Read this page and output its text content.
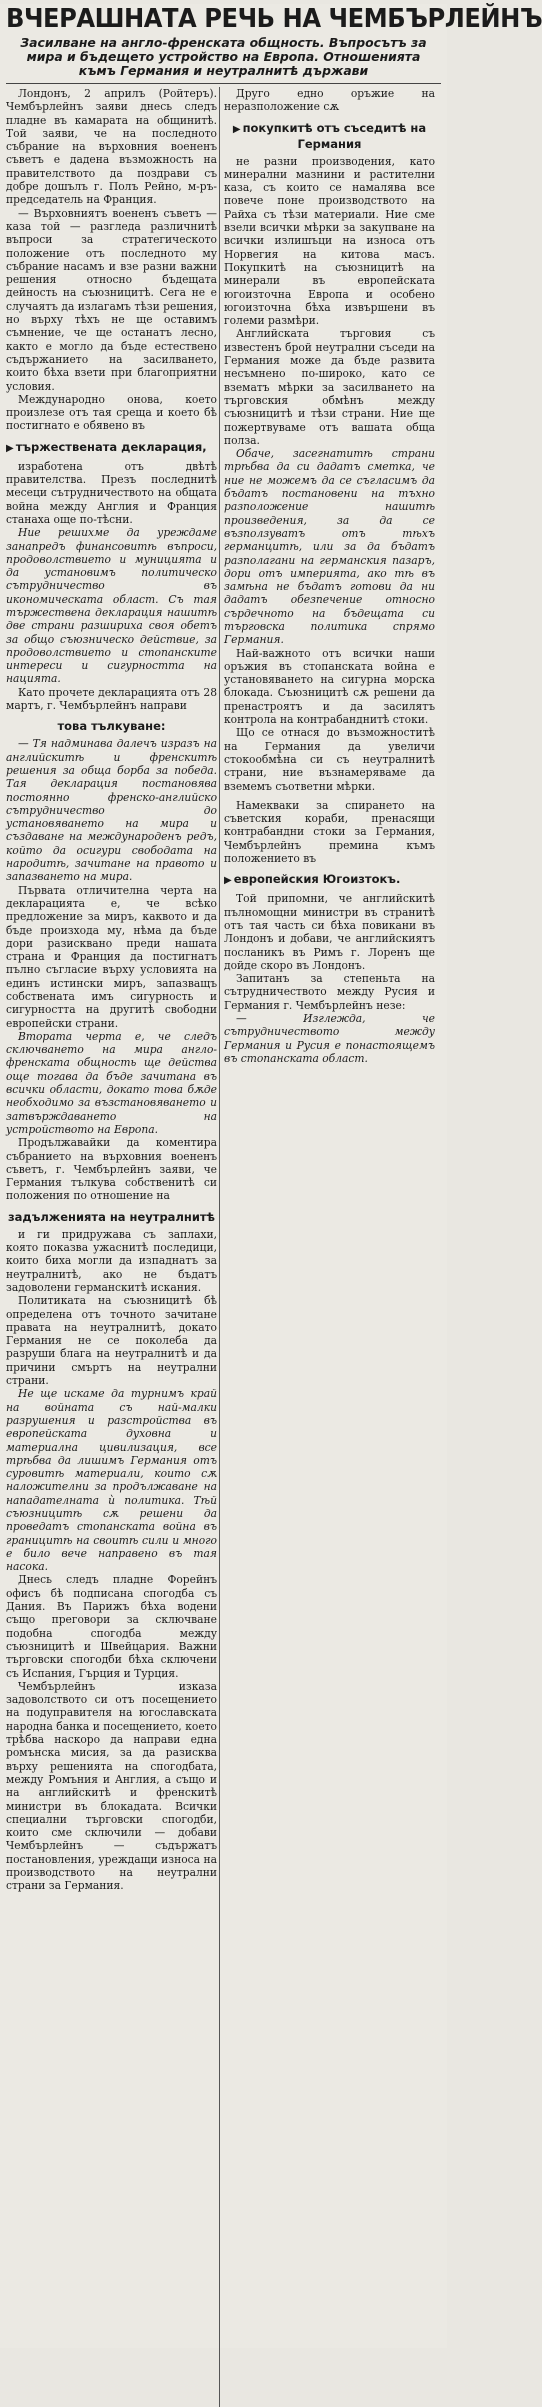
ВЧЕРАШНАТА РЕЧЬ НА ЧЕМБЪРЛЕЙНЪ
Засилване на англо-френската общность. Въпросътъ за мира и бъдещето устройство на Европа. Отношенията къмъ Германия и неутралнитѣ държави

Лондонъ, 2 априлъ (Ройтеръ). Чембърлейнъ заяви днесь следъ пладне въ камарата на общинитѣ. Той заяви, че на последното събрание на върховния воененъ съветъ е дадена възможность на правителството да поздрави съ добре дошълъ г. Полъ Рейно, м-ръ-председатель на Франция.

— Върховниятъ воененъ съветъ — каза той — разгледа различнитѣ въпроси за стратегическото положение отъ последното му събрание насамъ и взе разни важни решения относно бъдещата дейность на съюзницитѣ. Сега не е случаятъ да излагамъ тѣзи решения, но върху тѣхъ не ще оставимъ съмнение, че ще останатъ лесно, както е могло да бъде естествено съдържанието на засилването, които бѣха взети при благоприятни условия.

Международно онова, което произлезе отъ тая среща и което бѣ постигнато е обявено въ

▶ тържествената декларация,

изработена отъ двѣтѣ правителства. Презъ последнитѣ месеци сътрудничеството на общата война между Англия и Франция станаха още по-тѣсни.

Ние решихме да уреждаме занапредъ финансовитѣ въпроси, продоволствието и муницията и да установимъ политическо сътрудничество въ икономическата област. Съ тая тържествена декларация нашитѣ две страни разшириха своя обетъ за общо съюзническо действие, за продоволствието и стопанските интереси и сигурността на нацията.

Като прочете декларацията отъ 28 мартъ, г. Чембърлейнъ направи

това тълкуване:

— Тя надминава далечъ изразъ на английскитѣ и френскитѣ решения за обща борба за победа. Тая декларация постановява постоянно френско-английско сътрудничество до установяването на мира и създаване на международенъ редъ, който да осигури свободата на народитѣ, зачитане на правото и запазването на мира.

Първата отличителна черта на декларацията е, че всѣко предложение за миръ, каквото и да бъде произхода му, нѣма да бъде дори разисквано преди нашата страна и Франция да постигнатъ пълно съгласие върху условията на единъ истински миръ, запазващъ собствената имъ сигурность и сигурността на другитѣ свободни европейски страни.

Втората черта е, че следъ сключването на мира англо-френската общность ще действа още тогава да бъде зачитана въ всички области, докато това бѫде необходимо за възстановяването и затвърждаването на устройството на Европа.

Продължавайки да коментира събранието на върховния воененъ съветъ, г. Чембърлейнъ заяви, че Германия тълкува собственитѣ си положения по отношение на

задълженията на неутралнитѣ

и ги придружава съ заплахи, която показва ужаснитѣ последици, които биха могли да изпаднатъ за неутралнитѣ, ако не бъдатъ задоволени германскитѣ искания.

Политиката на съюзницитѣ бѣ определена отъ точното зачитане правата на неутралнитѣ, докато Германия не се поколеба да разруши блага на неутралнитѣ и да причини смъртъ на неутрални страни.

Не ще искаме да турнимъ край на войната съ най-малки разрушения и разстройства въ европейската духовна и материална цивилизация, все трѣбва да лишимъ Германия отъ суровитѣ материали, които сѫ наложителни за продължаване на нападателната ѝ политика. Тѣй съюзницитѣ сѫ решени да проведатъ стопанската война въ границитѣ на своитѣ сили и много е било вече направено въ тая насока.

Днесь следъ пладне Форейнъ офисъ бѣ подписана спогодба съ Дания. Въ Парижъ бѣха водени също преговори за сключване подобна спогодба между съюзницитѣ и Швейцария. Важни търговски спогодби бѣха сключени съ Испания, Гърция и Турция.

Чембърлейнъ изказа задоволството си отъ посещението на подуправителя на югославската народна банка и посещението, което трѣбва наскоро да направи една ромънска мисия, за да разисква върху решенията на спогодбата, между Ромъния и Англия, а също и на английскитѣ и френскитѣ министри въ блокадата. Всички специални търговски спогодби, които сме сключили — добави Чембърлейнъ — съдържатъ постановления, уреждащи износа на производството на неутрални страни за Германия.

Друго едно оръжие на неразположение сѫ

▶ покупкитѣ отъ съседитѣ на Германия

не разни производения, като минерални мазнини и растителни каза, съ които се намалява все повече поне производството на Райха съ тѣзи материали. Ние сме взели всички мѣрки за закупване на всички излишъци на износа отъ Норвегия на китова масъ. Покупкитѣ на съюзницитѣ на минерали въ европейската югоизточна Европа и особено югоизточна бѣха извършени въ големи размѣри.

Английската търговия съ известенъ брой неутрални съседи на Германия може да бъде развита несъмнено по-широко, като се взематъ мѣрки за засилването на търговския обмѣнъ между съюзницитѣ и тѣзи страни. Ние ще пожертвуваме отъ вашата обща полза.

Обаче, засегнатитѣ страни трѣбва да си дадатъ сметка, че ние не можемъ да се съгласимъ да бъдатъ постановени на тъхно разположение нашитѣ произведения, за да се възползуватъ отъ тѣхъ германцитѣ, или за да бъдатъ разполагани на германския пазаръ, дори отъ империята, ако тѣ въ замѣна не бъдатъ готови да ни дадатъ обезпечение относно сърдечното на бъдещата си търговска политика спрямо Германия.

Най-важното отъ всички наши оръжия въ стопанската война е установяването на сигурна морска блокада. Съюзницитѣ сѫ решени да пренастроятъ и да засилятъ контрола на контрабанднитѣ стоки.

Що се отнася до възможноститѣ на Германия да увеличи стокообмѣна си съ неутралнитѣ страни, ние възнамеряваме да вземемъ съответни мѣрки.

Намекваки за спирането на съветския кораби, пренасящи контрабандни стоки за Германия, Чембърлейнъ премина къмъ положението въ

▶ европейския Югоизтокъ.

Той припомни, че английскитѣ пълномощни министри въ странитѣ отъ тая часть си бѣха повикани въ Лондонъ и добави, че английскиятъ посланикъ въ Римъ г. Лоренъ ще дойде скоро въ Лондонъ.

Запитанъ за степеньта на сътрудничеството между Русия и Германия г. Чембърлейнъ незе:

— Изглежда, че сътрудничеството между Германия и Русия е понастоящемъ въ стопанската област.
